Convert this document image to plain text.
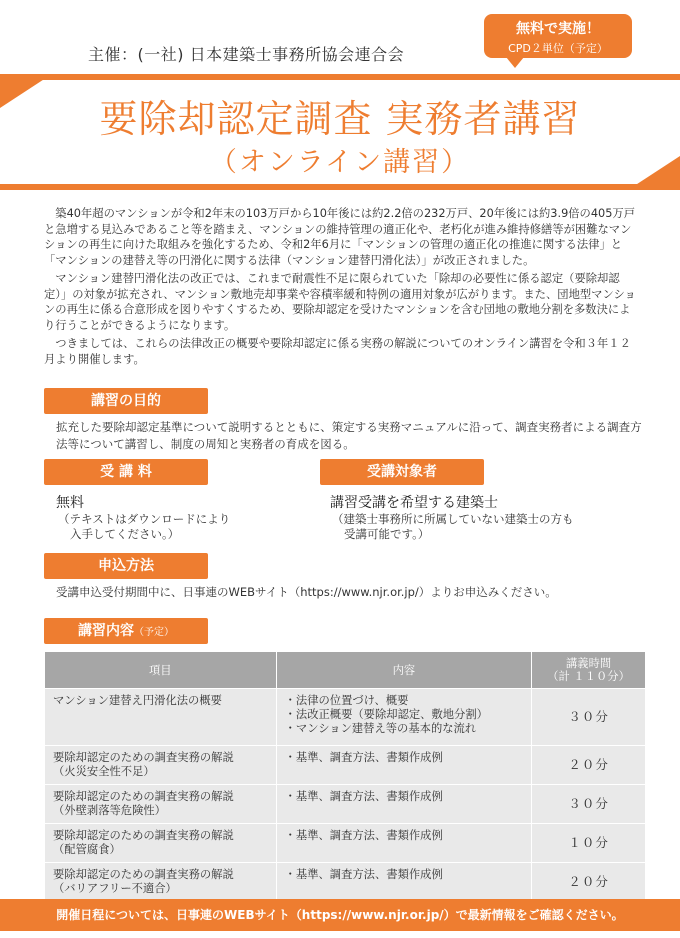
主催：(一社) 日本建築士事務所協会連合会
無料で実施！
CPD２単位（予定）
要除却認定調査 実務者講習
（オンライン講習）

築40年超のマンションが令和2年末の103万戸から10年後には約2.2倍の232万戸、20年後には約3.9倍の405万戸と急増する見込みであること等を踏まえ、マンションの維持管理の適正化や、老朽化が進み維持修繕等が困難なマンションの再生に向けた取組みを強化するため、令和2年6月に「マンションの管理の適正化の推進に関する法律」と「マンションの建替え等の円滑化に関する法律（マンション建替円滑化法）」が改正されました。

マンション建替円滑化法の改正では、これまで耐震性不足に限られていた「除却の必要性に係る認定（要除却認定）」の対象が拡充され、マンション敷地売却事業や容積率緩和特例の適用対象が広がります。また、団地型マンションの再生に係る合意形成を図りやすくするため、要除却認定を受けたマンションを含む団地の敷地分割を多数決により行うことができるようになります。

つきましては、これらの法律改正の概要や要除却認定に係る実務の解説についてのオンライン講習を令和３年１２月より開催します。

講習の目的
拡充した要除却認定基準について説明するとともに、策定する実務マニュアルに沿って、調査実務者による調査方法等について講習し、制度の周知と実務者の育成を図る。
受 講 料
無料
（テキストはダウンロードにより
入手してください。）
受講対象者
講習受講を希望する建築士
（建築士事務所に所属していない建築士の方も
受講可能です。）
申込方法
受講申込受付期間中に、日事連のWEBサイト（https://www.njr.or.jp/）よりお申込みください。
講習内容（予定）
項目	内容	講義時間
（計 １１０分）

マンション建替え円滑化法の概要	・法律の位置づけ、概要
・法改正概要（要除却認定、敷地分割）
・マンション建替え等の基本的な流れ	３０分

要除却認定のための調査実務の解説
（火災安全性不足）	・基準、調査方法、書類作成例	２０分

要除却認定のための調査実務の解説
（外壁剥落等危険性）	・基準、調査方法、書類作成例	３０分

要除却認定のための調査実務の解説
（配管腐食）	・基準、調査方法、書類作成例	１０分

要除却認定のための調査実務の解説
（バリアフリー不適合）	・基準、調査方法、書類作成例	２０分
開催日程については、日事連のWEBサイト（https://www.njr.or.jp/）で最新情報をご確認ください。
